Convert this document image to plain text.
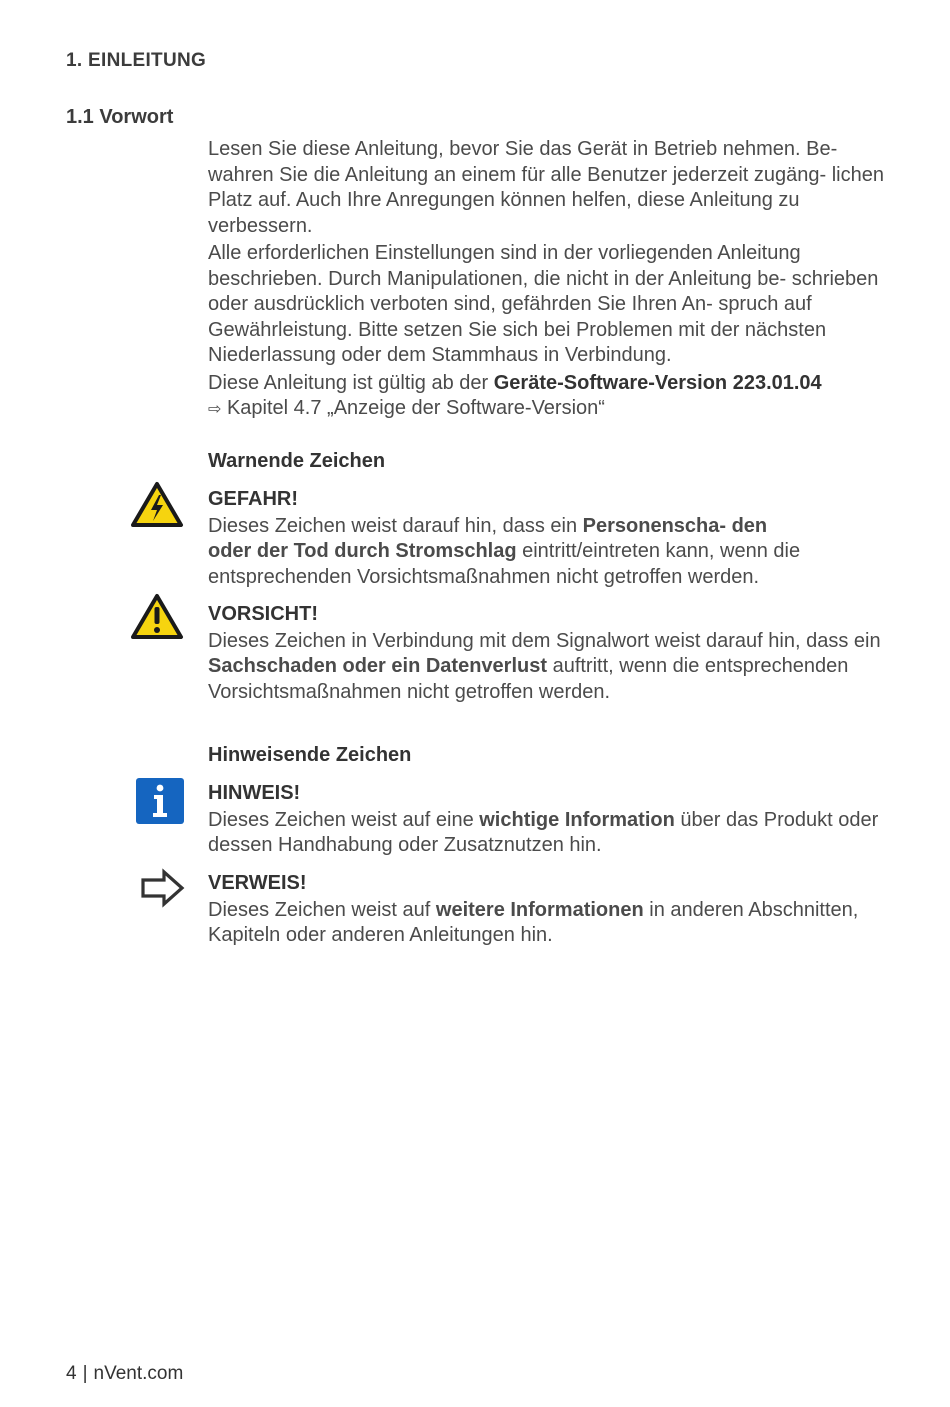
1. EINLEITUNG
1.1 Vorwort

Lesen Sie diese Anleitung, bevor Sie das Gerät in Betrieb nehmen. Be- wahren Sie die Anleitung an einem für alle Benutzer jederzeit zugäng- lichen Platz auf. Auch Ihre Anregungen können helfen, diese Anleitung zu verbessern.

Alle erforderlichen Einstellungen sind in der vorliegenden Anleitung beschrieben. Durch Manipulationen, die nicht in der Anleitung be- schrieben oder ausdrücklich verboten sind, gefährden Sie Ihren An- spruch auf Gewährleistung. Bitte setzen Sie sich bei Problemen mit der nächsten Niederlassung oder dem Stammhaus in Verbindung.

Diese Anleitung ist gültig ab der Geräte-Software-Version 223.01.04

⇨ Kapitel 4.7 „Anzeige der Software-Version“

Warnende Zeichen
GEFAHR!
Dieses Zeichen weist darauf hin, dass ein Personenscha- den
oder der Tod durch Stromschlag eintritt/eintreten kann, wenn die entsprechenden Vorsichtsmaßnahmen nicht getroffen werden.
VORSICHT!
Dieses Zeichen in Verbindung mit dem Signalwort weist darauf hin, dass ein Sachschaden oder ein Datenverlust auftritt, wenn die entsprechenden Vorsichtsmaßnahmen nicht getroffen werden.
Hinweisende Zeichen
HINWEIS!
Dieses Zeichen weist auf eine wichtige Information über das Produkt oder dessen Handhabung oder Zusatznutzen hin.
VERWEIS!
Dieses Zeichen weist auf weitere Informationen in anderen Abschnitten, Kapiteln oder anderen Anleitungen hin.
4 | nVent.com
